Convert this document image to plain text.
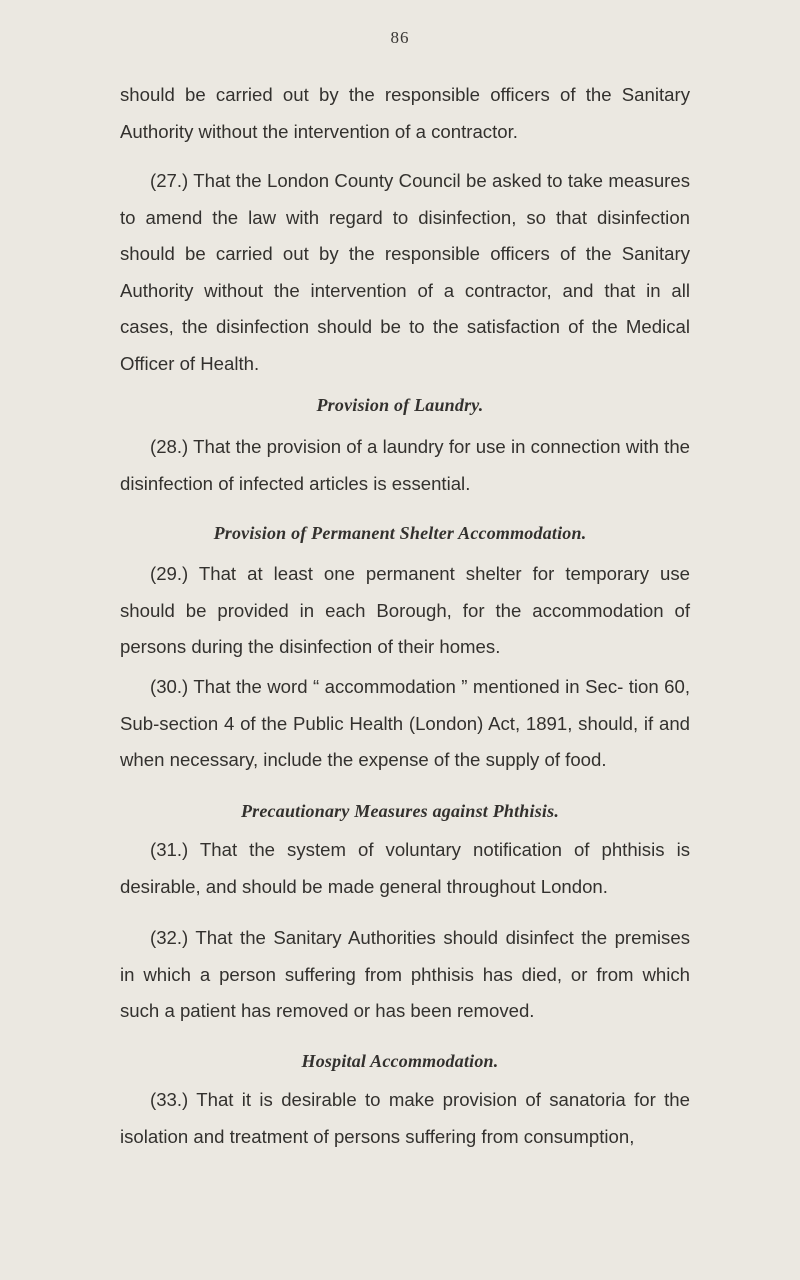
86

should be carried out by the responsible officers of the Sanitary Authority without the intervention of a contractor.

(27.) That the London County Council be asked to take measures to amend the law with regard to disinfection, so that disinfection should be carried out by the responsible officers of the Sanitary Authority without the intervention of a contractor, and that in all cases, the disinfection should be to the satisfaction of the Medical Officer of Health.

Provision of Laundry.

(28.) That the provision of a laundry for use in connection with the disinfection of infected articles is essential.

Provision of Permanent Shelter Accommodation.

(29.) That at least one permanent shelter for temporary use should be provided in each Borough, for the accommodation of persons during the disinfection of their homes.

(30.) That the word “ accommodation ” mentioned in Sec- tion 60, Sub-section 4 of the Public Health (London) Act, 1891, should, if and when necessary, include the expense of the supply of food.

Precautionary Measures against Phthisis.

(31.) That the system of voluntary notification of phthisis is desirable, and should be made general throughout London.

(32.) That the Sanitary Authorities should disinfect the premises in which a person suffering from phthisis has died, or from which such a patient has removed or has been removed.

Hospital Accommodation.

(33.) That it is desirable to make provision of sanatoria for the isolation and treatment of persons suffering from consumption,
